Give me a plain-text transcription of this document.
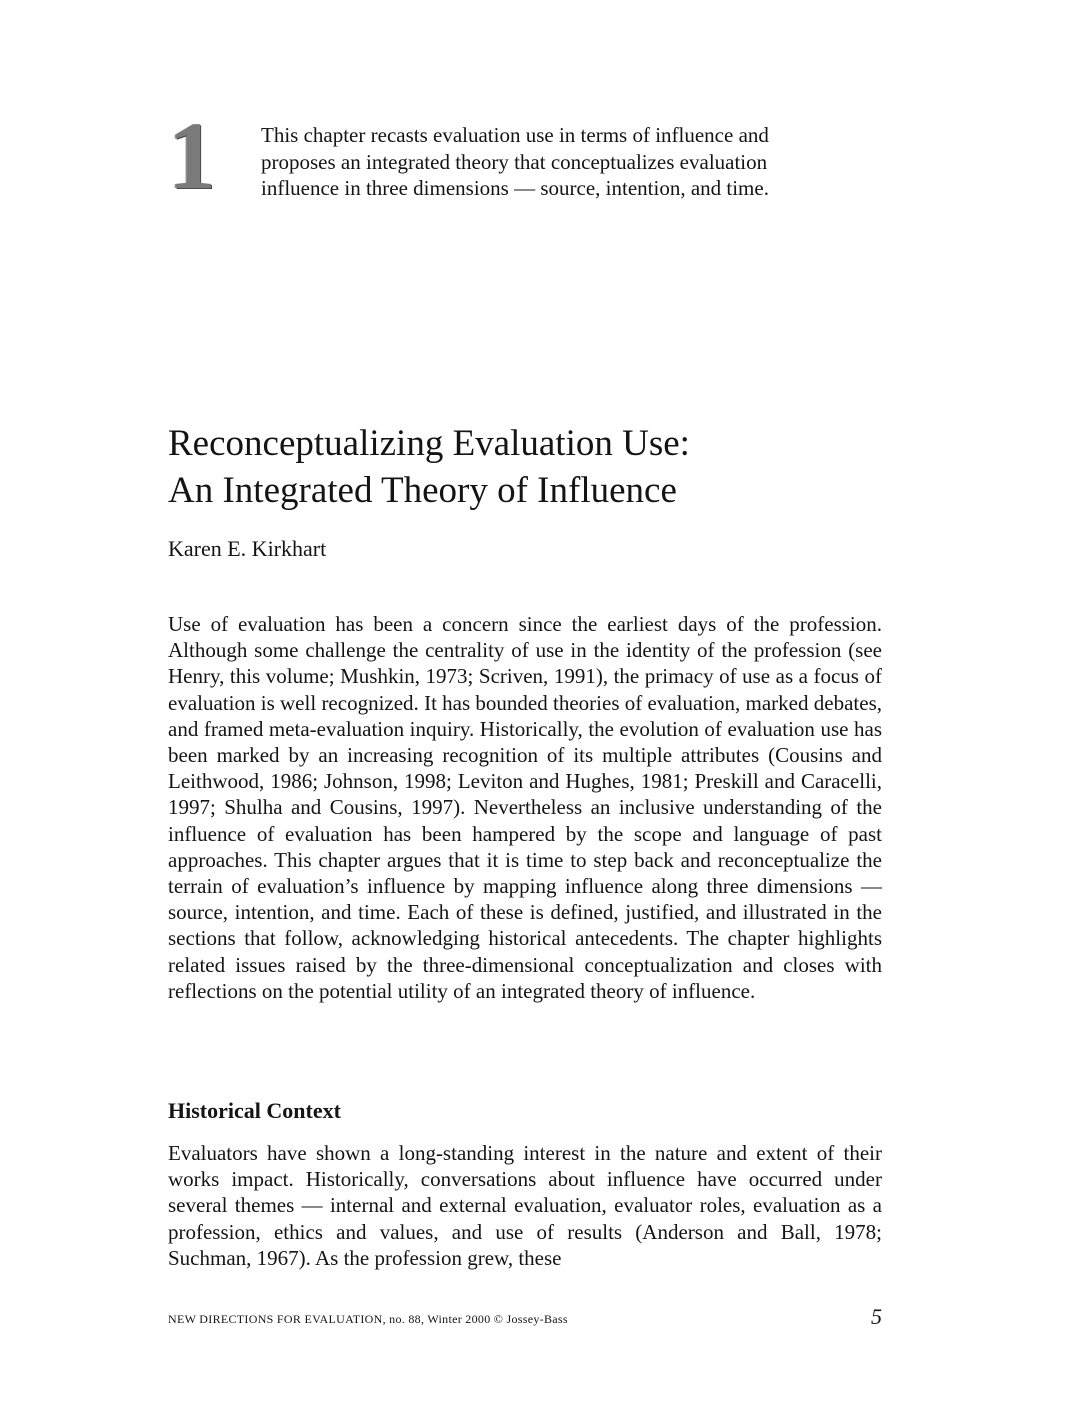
1 This chapter recasts evaluation use in terms of influence and proposes an integrated theory that conceptualizes evaluation influence in three dimensions — source, intention, and time.

Reconceptualizing Evaluation Use:
An Integrated Theory of Influence

Karen E. Kirkhart

Use of evaluation has been a concern since the earliest days of the profession. Although some challenge the centrality of use in the identity of the profession (see Henry, this volume; Mushkin, 1973; Scriven, 1991), the primacy of use as a focus of evaluation is well recognized. It has bounded theories of evaluation, marked debates, and framed meta-evaluation inquiry. Historically, the evolution of evaluation use has been marked by an increasing recognition of its multiple attributes (Cousins and Leithwood, 1986; Johnson, 1998; Leviton and Hughes, 1981; Preskill and Caracelli, 1997; Shulha and Cousins, 1997). Nevertheless an inclusive understanding of the influence of evaluation has been hampered by the scope and language of past approaches. This chapter argues that it is time to step back and reconceptualize the terrain of evaluation’s influence by mapping influence along three dimensions — source, intention, and time. Each of these is defined, justified, and illustrated in the sections that follow, acknowledging historical antecedents. The chapter highlights related issues raised by the three-dimensional conceptualization and closes with reflections on the potential utility of an integrated theory of influence.

Historical Context

Evaluators have shown a long-standing interest in the nature and extent of their works impact. Historically, conversations about influence have occurred under several themes — internal and external evaluation, evaluator roles, evaluation as a profession, ethics and values, and use of results (Anderson and Ball, 1978; Suchman, 1967). As the profession grew, these

NEW DIRECTIONS FOR EVALUATION, no. 88, Winter 2000 © Jossey-Bass	5
